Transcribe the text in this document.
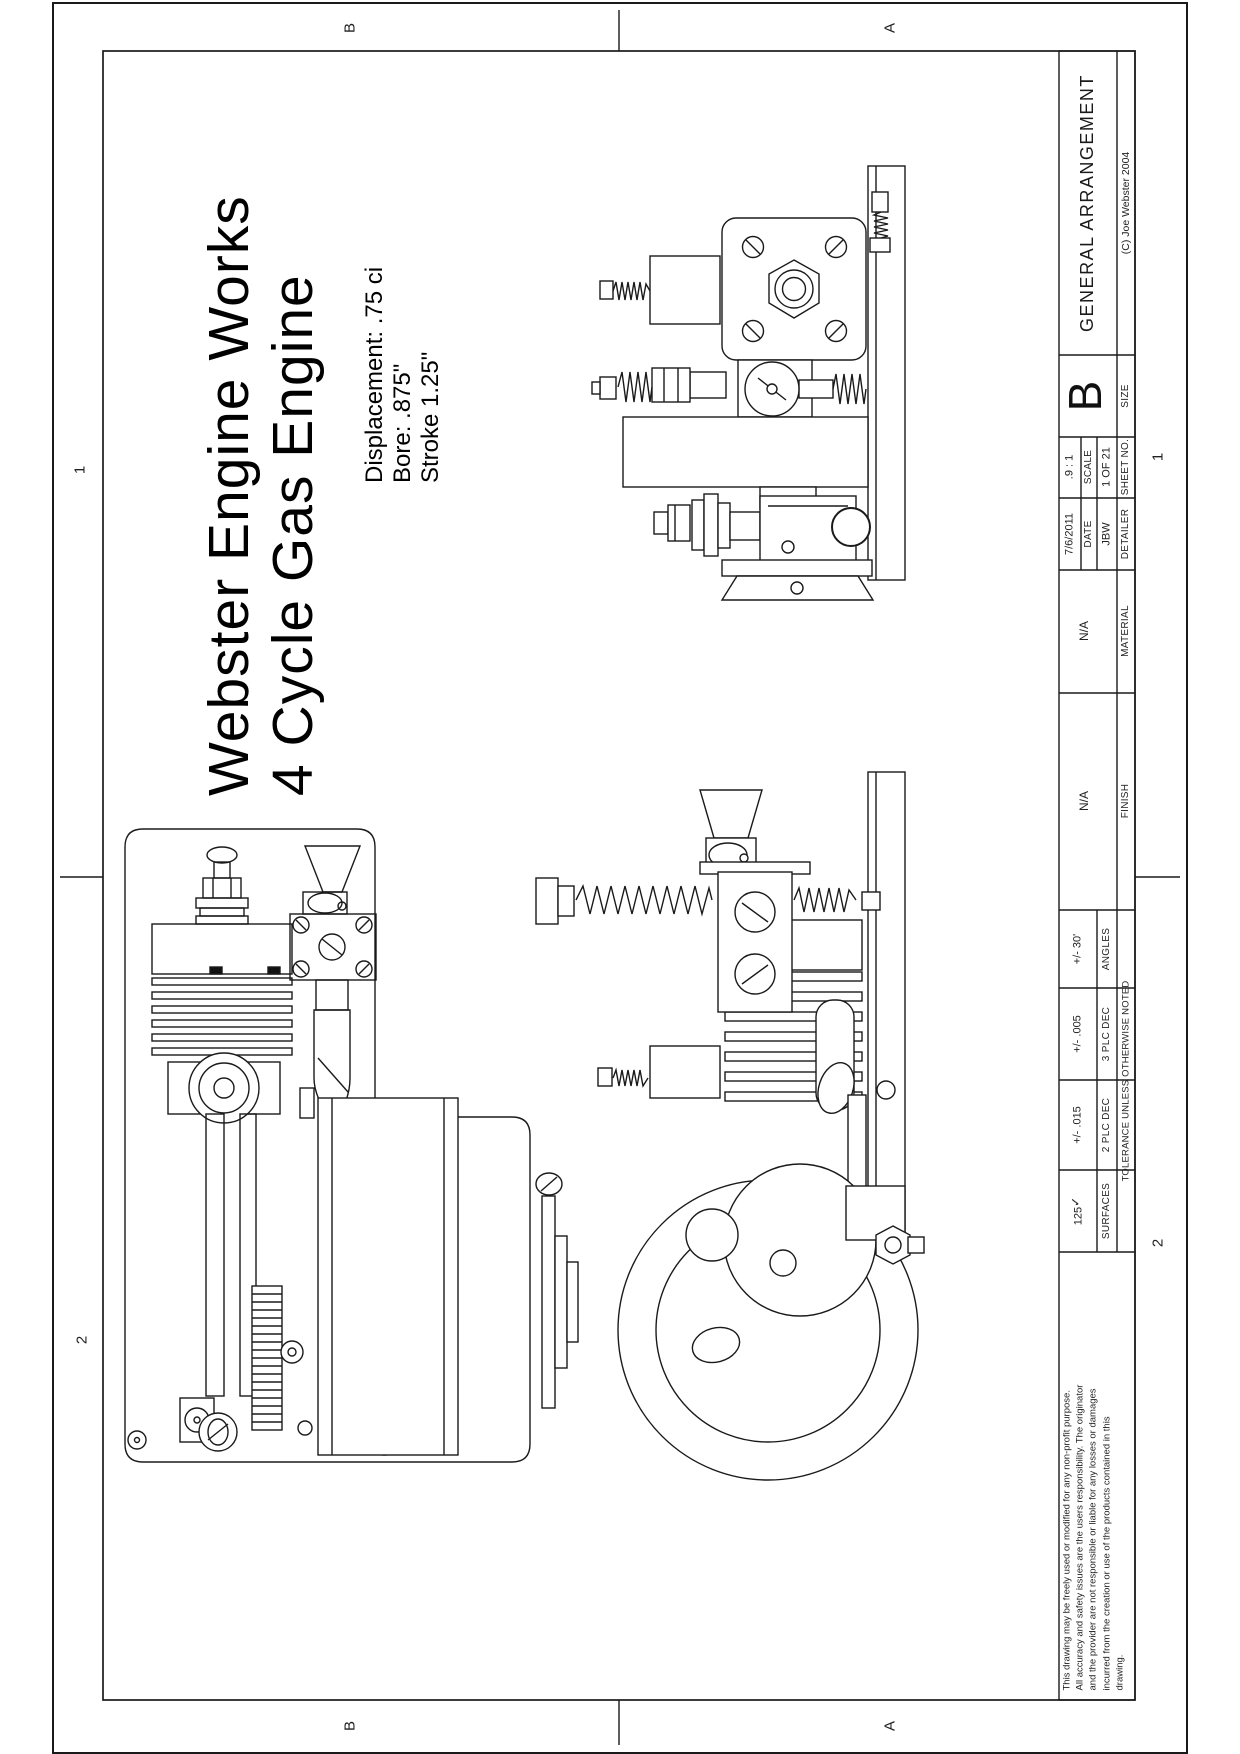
B	A
B	A
1
2
1
2
Webster Engine Works 4 Cycle Gas Engine Displacement: .75 ci Bore: .875" Stroke 1.25"
GENERAL ARRANGEMENT (C) Joe Webster 2004
B SIZE
.9 : 1 SCALE 1 OF 21 SHEET NO.
7/6/2011 DATE JBW DETAILER
N/A	MATERIAL
N/A	FINISH
+/- 30' ANGLES
+/- .005 3 PLC DEC
+/- .015 2 PLC DEC
125✓ SURFACES
TOLERANCE UNLESS OTHERWISE NOTED
This drawing may be freely used or modified for any non-profit purpose. All accuracy and safety issues are the users responsibility. The originator and the provider are not responsible or liable for any losses or damages incurred from the creation or use of the products contained in this drawing.
